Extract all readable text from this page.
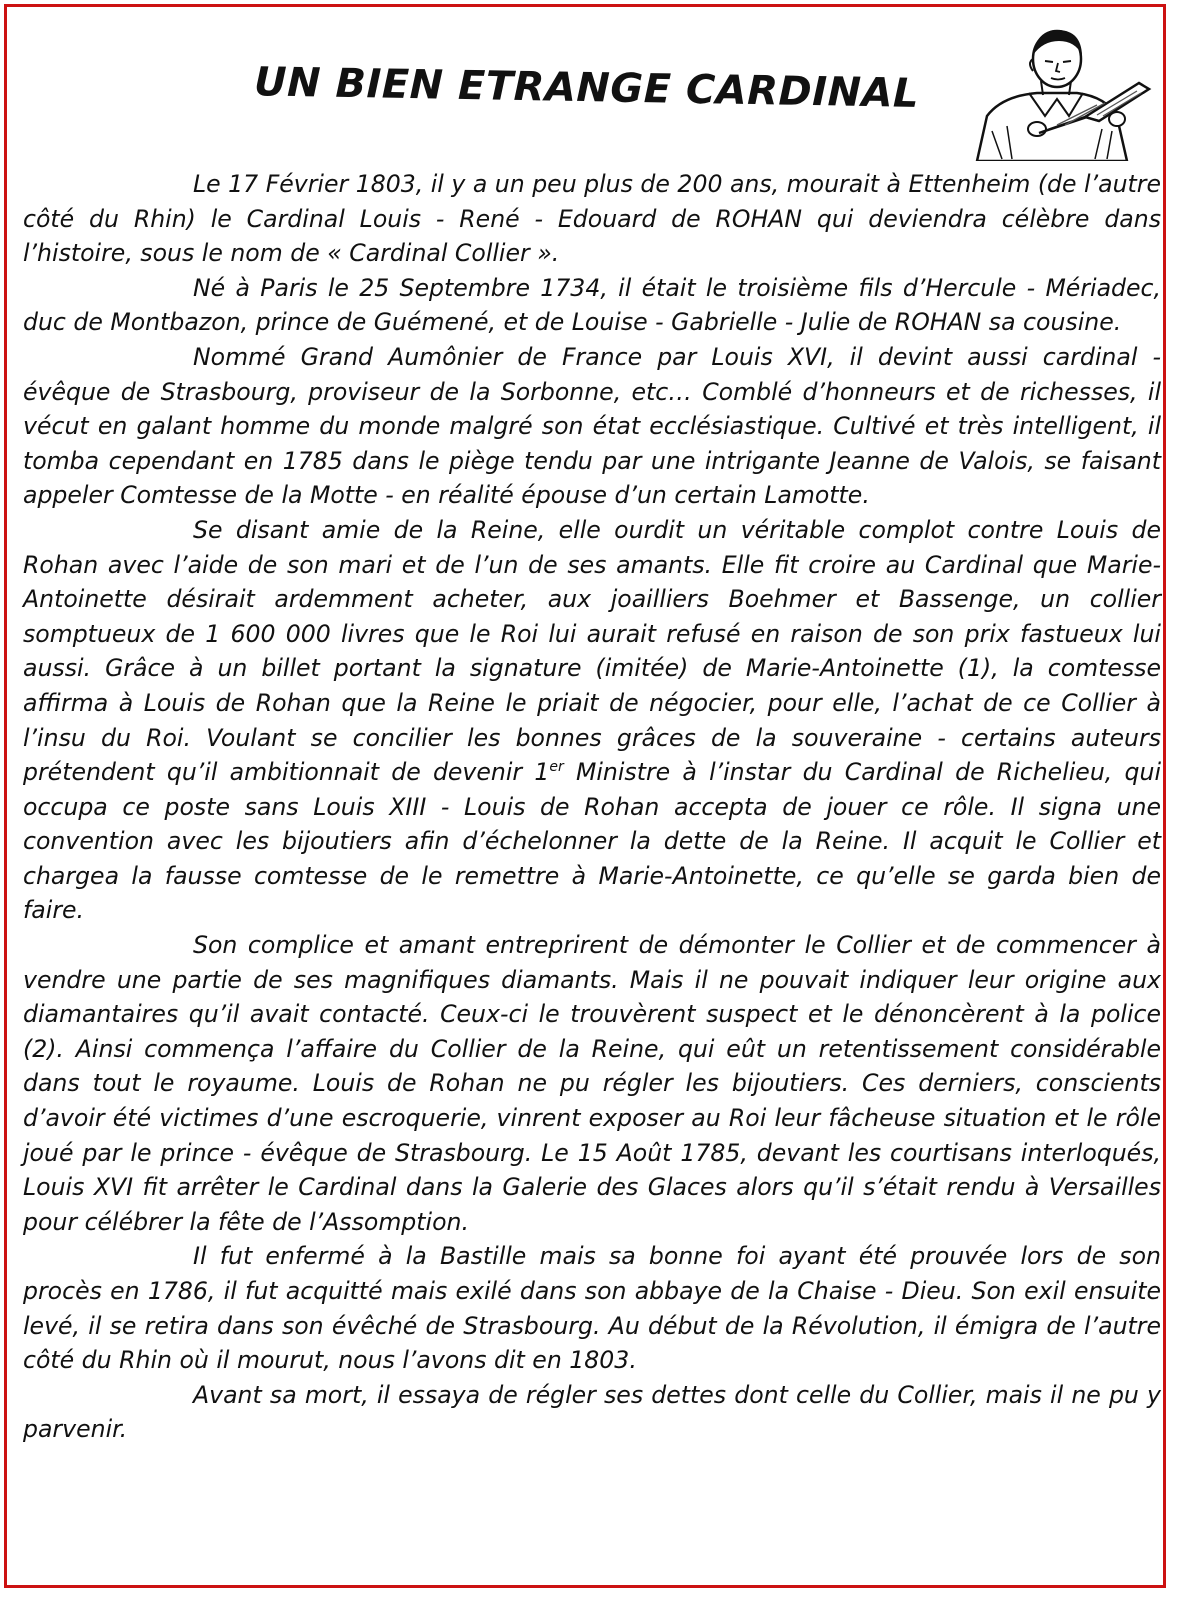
UN BIEN ETRANGE CARDINAL

Le 17 Février 1803, il y a un peu plus de 200 ans, mourait à Ettenheim (de l’autre côté du Rhin) le Cardinal Louis - René - Edouard de ROHAN qui deviendra célèbre dans l’histoire, sous le nom de « Cardinal Collier ».

Né à Paris le 25 Septembre 1734, il était le troisième fils d’Hercule - Mériadec, duc de Montbazon, prince de Guémené, et de Louise - Gabrielle - Julie de ROHAN sa cousine.

Nommé Grand Aumônier de France par Louis XVI, il devint aussi cardinal - évêque de Strasbourg, proviseur de la Sorbonne, etc… Comblé d’honneurs et de richesses, il vécut en galant homme du monde malgré son état ecclésiastique. Cultivé et très intelligent, il tomba cependant en 1785 dans le piège tendu par une intrigante Jeanne de Valois, se faisant appeler Comtesse de la Motte - en réalité épouse d’un certain Lamotte.

Se disant amie de la Reine, elle ourdit un véritable complot contre Louis de Rohan avec l’aide de son mari et de l’un de ses amants. Elle fit croire au Cardinal que Marie-Antoinette désirait ardemment acheter, aux joailliers Boehmer et Bassenge, un collier somptueux de 1 600 000 livres que le Roi lui aurait refusé en raison de son prix fastueux lui aussi. Grâce à un billet portant la signature (imitée) de Marie-Antoinette (1), la comtesse affirma à Louis de Rohan que la Reine le priait de négocier, pour elle, l’achat de ce Collier à l’insu du Roi. Voulant se concilier les bonnes grâces de la souveraine - certains auteurs prétendent qu’il ambitionnait de devenir 1er Ministre à l’instar du Cardinal de Richelieu, qui occupa ce poste sans Louis XIII - Louis de Rohan accepta de jouer ce rôle. Il signa une convention avec les bijoutiers afin d’échelonner la dette de la Reine. Il acquit le Collier et chargea la fausse comtesse de le remettre à Marie-Antoinette, ce qu’elle se garda bien de faire.

Son complice et amant entreprirent de démonter le Collier et de commencer à vendre une partie de ses magnifiques diamants. Mais il ne pouvait indiquer leur origine aux diamantaires qu’il avait contacté. Ceux-ci le trouvèrent suspect et le dénoncèrent à la police (2). Ainsi commença l’affaire du Collier de la Reine, qui eût un retentissement considérable dans tout le royaume. Louis de Rohan ne pu régler les bijoutiers. Ces derniers, conscients d’avoir été victimes d’une escroquerie, vinrent exposer au Roi leur fâcheuse situation et le rôle joué par le prince - évêque de Strasbourg. Le 15 Août 1785, devant les courtisans interloqués, Louis XVI fit arrêter le Cardinal dans la Galerie des Glaces alors qu’il s’était rendu à Versailles pour célébrer la fête de l’Assomption.

Il fut enfermé à la Bastille mais sa bonne foi ayant été prouvée lors de son procès en 1786, il fut acquitté mais exilé dans son abbaye de la Chaise - Dieu. Son exil ensuite levé, il se retira dans son évêché de Strasbourg. Au début de la Révolution, il émigra de l’autre côté du Rhin où il mourut, nous l’avons dit en 1803.

Avant sa mort, il essaya de régler ses dettes dont celle du Collier, mais il ne pu y parvenir.
